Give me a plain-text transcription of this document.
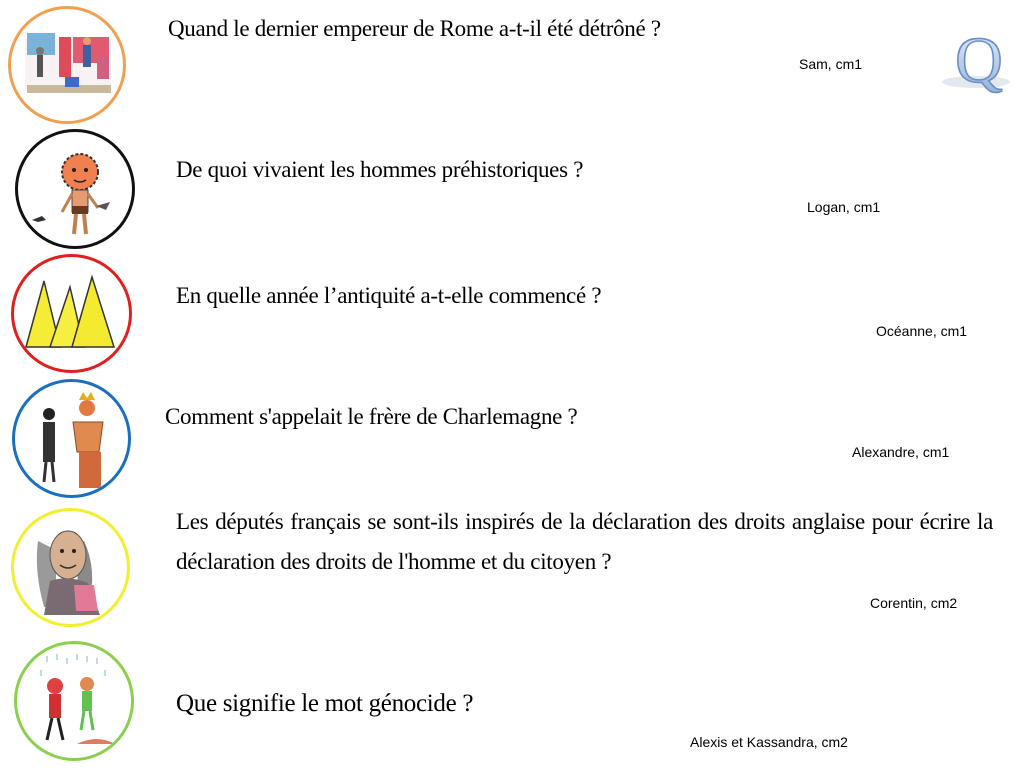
Q
Quand le dernier empereur de Rome a-t-il été détrôné ?
Sam, cm1
De quoi vivaient les hommes préhistoriques ?
Logan, cm1
En quelle année l’antiquité a-t-elle commencé ?
Océanne, cm1
Comment s'appelait le frère de Charlemagne ?
Alexandre, cm1
Les députés français se sont-ils inspirés de la déclaration des droits anglaise pour écrire la déclaration des droits de l'homme et du citoyen ?
Corentin, cm2
Que signifie le mot génocide ?
Alexis et Kassandra, cm2
